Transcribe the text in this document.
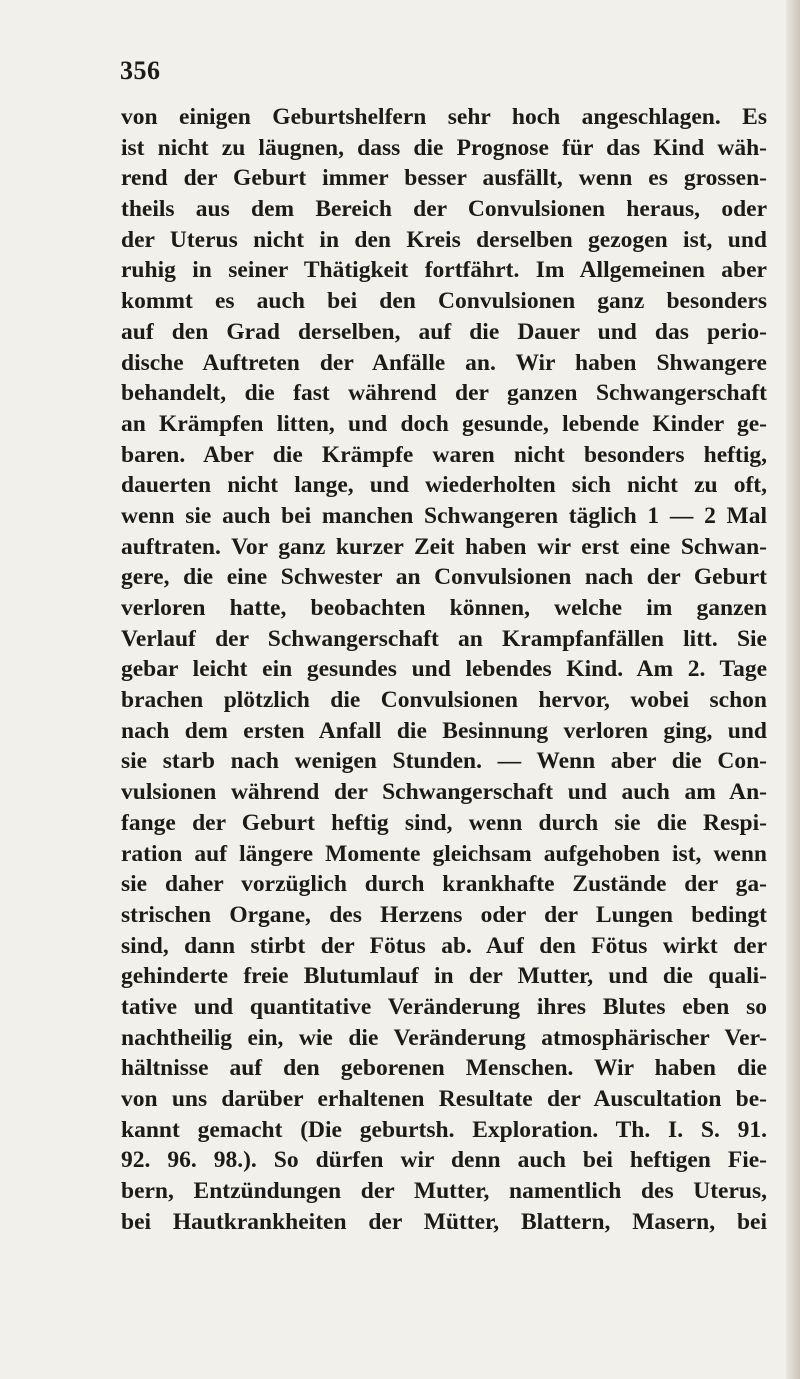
356
von einigen Geburtshelfern sehr hoch angeschlagen. Es
ist nicht zu läugnen, dass die Prognose für das Kind wäh-
rend der Geburt immer besser ausfällt, wenn es grossen-
theils aus dem Bereich der Convulsionen heraus, oder
der Uterus nicht in den Kreis derselben gezogen ist, und
ruhig in seiner Thätigkeit fortfährt. Im Allgemeinen aber
kommt es auch bei den Convulsionen ganz besonders
auf den Grad derselben, auf die Dauer und das perio-
dische Auftreten der Anfälle an. Wir haben Shwangere
behandelt, die fast während der ganzen Schwangerschaft
an Krämpfen litten, und doch gesunde, lebende Kinder ge-
baren. Aber die Krämpfe waren nicht besonders heftig,
dauerten nicht lange, und wiederholten sich nicht zu oft,
wenn sie auch bei manchen Schwangeren täglich 1 — 2 Mal
auftraten. Vor ganz kurzer Zeit haben wir erst eine Schwan-
gere, die eine Schwester an Convulsionen nach der Geburt
verloren hatte, beobachten können, welche im ganzen
Verlauf der Schwangerschaft an Krampfanfällen litt. Sie
gebar leicht ein gesundes und lebendes Kind. Am 2. Tage
brachen plötzlich die Convulsionen hervor, wobei schon
nach dem ersten Anfall die Besinnung verloren ging, und
sie starb nach wenigen Stunden. — Wenn aber die Con-
vulsionen während der Schwangerschaft und auch am An-
fange der Geburt heftig sind, wenn durch sie die Respi-
ration auf längere Momente gleichsam aufgehoben ist, wenn
sie daher vorzüglich durch krankhafte Zustände der ga-
strischen Organe, des Herzens oder der Lungen bedingt
sind, dann stirbt der Fötus ab. Auf den Fötus wirkt der
gehinderte freie Blutumlauf in der Mutter, und die quali-
tative und quantitative Veränderung ihres Blutes eben so
nachtheilig ein, wie die Veränderung atmosphärischer Ver-
hältnisse auf den geborenen Menschen. Wir haben die
von uns darüber erhaltenen Resultate der Auscultation be-
kannt gemacht (Die geburtsh. Exploration. Th. I. S. 91.
92. 96. 98.). So dürfen wir denn auch bei heftigen Fie-
bern, Entzündungen der Mutter, namentlich des Uterus,
bei Hautkrankheiten der Mütter, Blattern, Masern, bei
